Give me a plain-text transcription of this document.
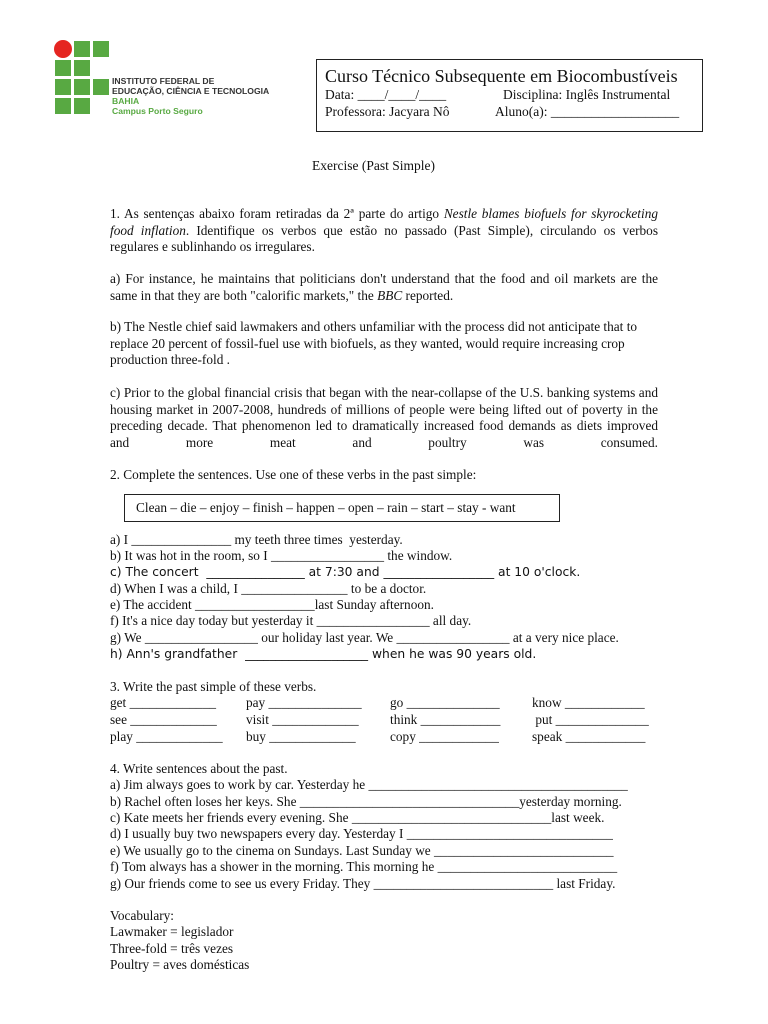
INSTITUTO FEDERAL DE
EDUCAÇÃO, CIÊNCIA E TECNOLOGIA
BAHIA
Campus Porto Seguro
Curso Técnico Subsequente em Biocombustíveis
Data: ____/____/____	Disciplina: Inglês Instrumental
Professora: Jacyara Nô	Aluno(a): ___________________
Exercise (Past Simple)
1. As sentenças abaixo foram retiradas da 2ª parte do artigo Nestle blames biofuels for skyrocketing food inflation. Identifique os verbos que estão no passado (Past Simple), circulando os verbos regulares e sublinhando os irregulares.
a) For instance, he maintains that politicians don't understand that the food and oil markets are the same in that they are both "calorific markets," the BBC reported.
b) The Nestle chief said lawmakers and others unfamiliar with the process did not anticipate that to replace 20 percent of fossil-fuel use with biofuels, as they wanted, would require increasing crop production three-fold .
c) Prior to the global financial crisis that began with the near-collapse of the U.S. banking systems and housing market in 2007-2008, hundreds of millions of people were being lifted out of poverty in the preceding decade. That phenomenon led to dramatically increased food demands as diets improved and more meat and poultry was consumed.
2. Complete the sentences. Use one of these verbs in the past simple:
Clean – die – enjoy – finish – happen – open – rain – start – stay - want
a) I _______________ my teeth three times  yesterday.
b) It was hot in the room, so I _________________ the window.
c) The concert  ________________ at 7:30 and __________________ at 10 o'clock.
d) When I was a child, I ________________ to be a doctor.
e) The accident __________________last Sunday afternoon.
f) It's a nice day today but yesterday it _________________ all day.
g) We _________________ our holiday last year. We _________________ at a very nice place.
h) Ann's grandfather  ____________________ when he was 90 years old.
3. Write the past simple of these verbs.
get _____________ pay ______________ go ______________ know ____________
see _____________ visit _____________ think ____________ put ______________
play _____________ buy _____________	copy ____________ speak ____________
4. Write sentences about the past.
a) Jim always goes to work by car. Yesterday he _______________________________________
b) Rachel often loses her keys. She _________________________________yesterday morning.
c) Kate meets her friends every evening. She ______________________________last week.
d) I usually buy two newspapers every day. Yesterday I _______________________________
e) We usually go to the cinema on Sundays. Last Sunday we ___________________________
f) Tom always has a shower in the morning. This morning he ___________________________
g) Our friends come to see us every Friday. They ___________________________ last Friday.
Vocabulary:
Lawmaker = legislador
Three-fold = três vezes
Poultry = aves domésticas
